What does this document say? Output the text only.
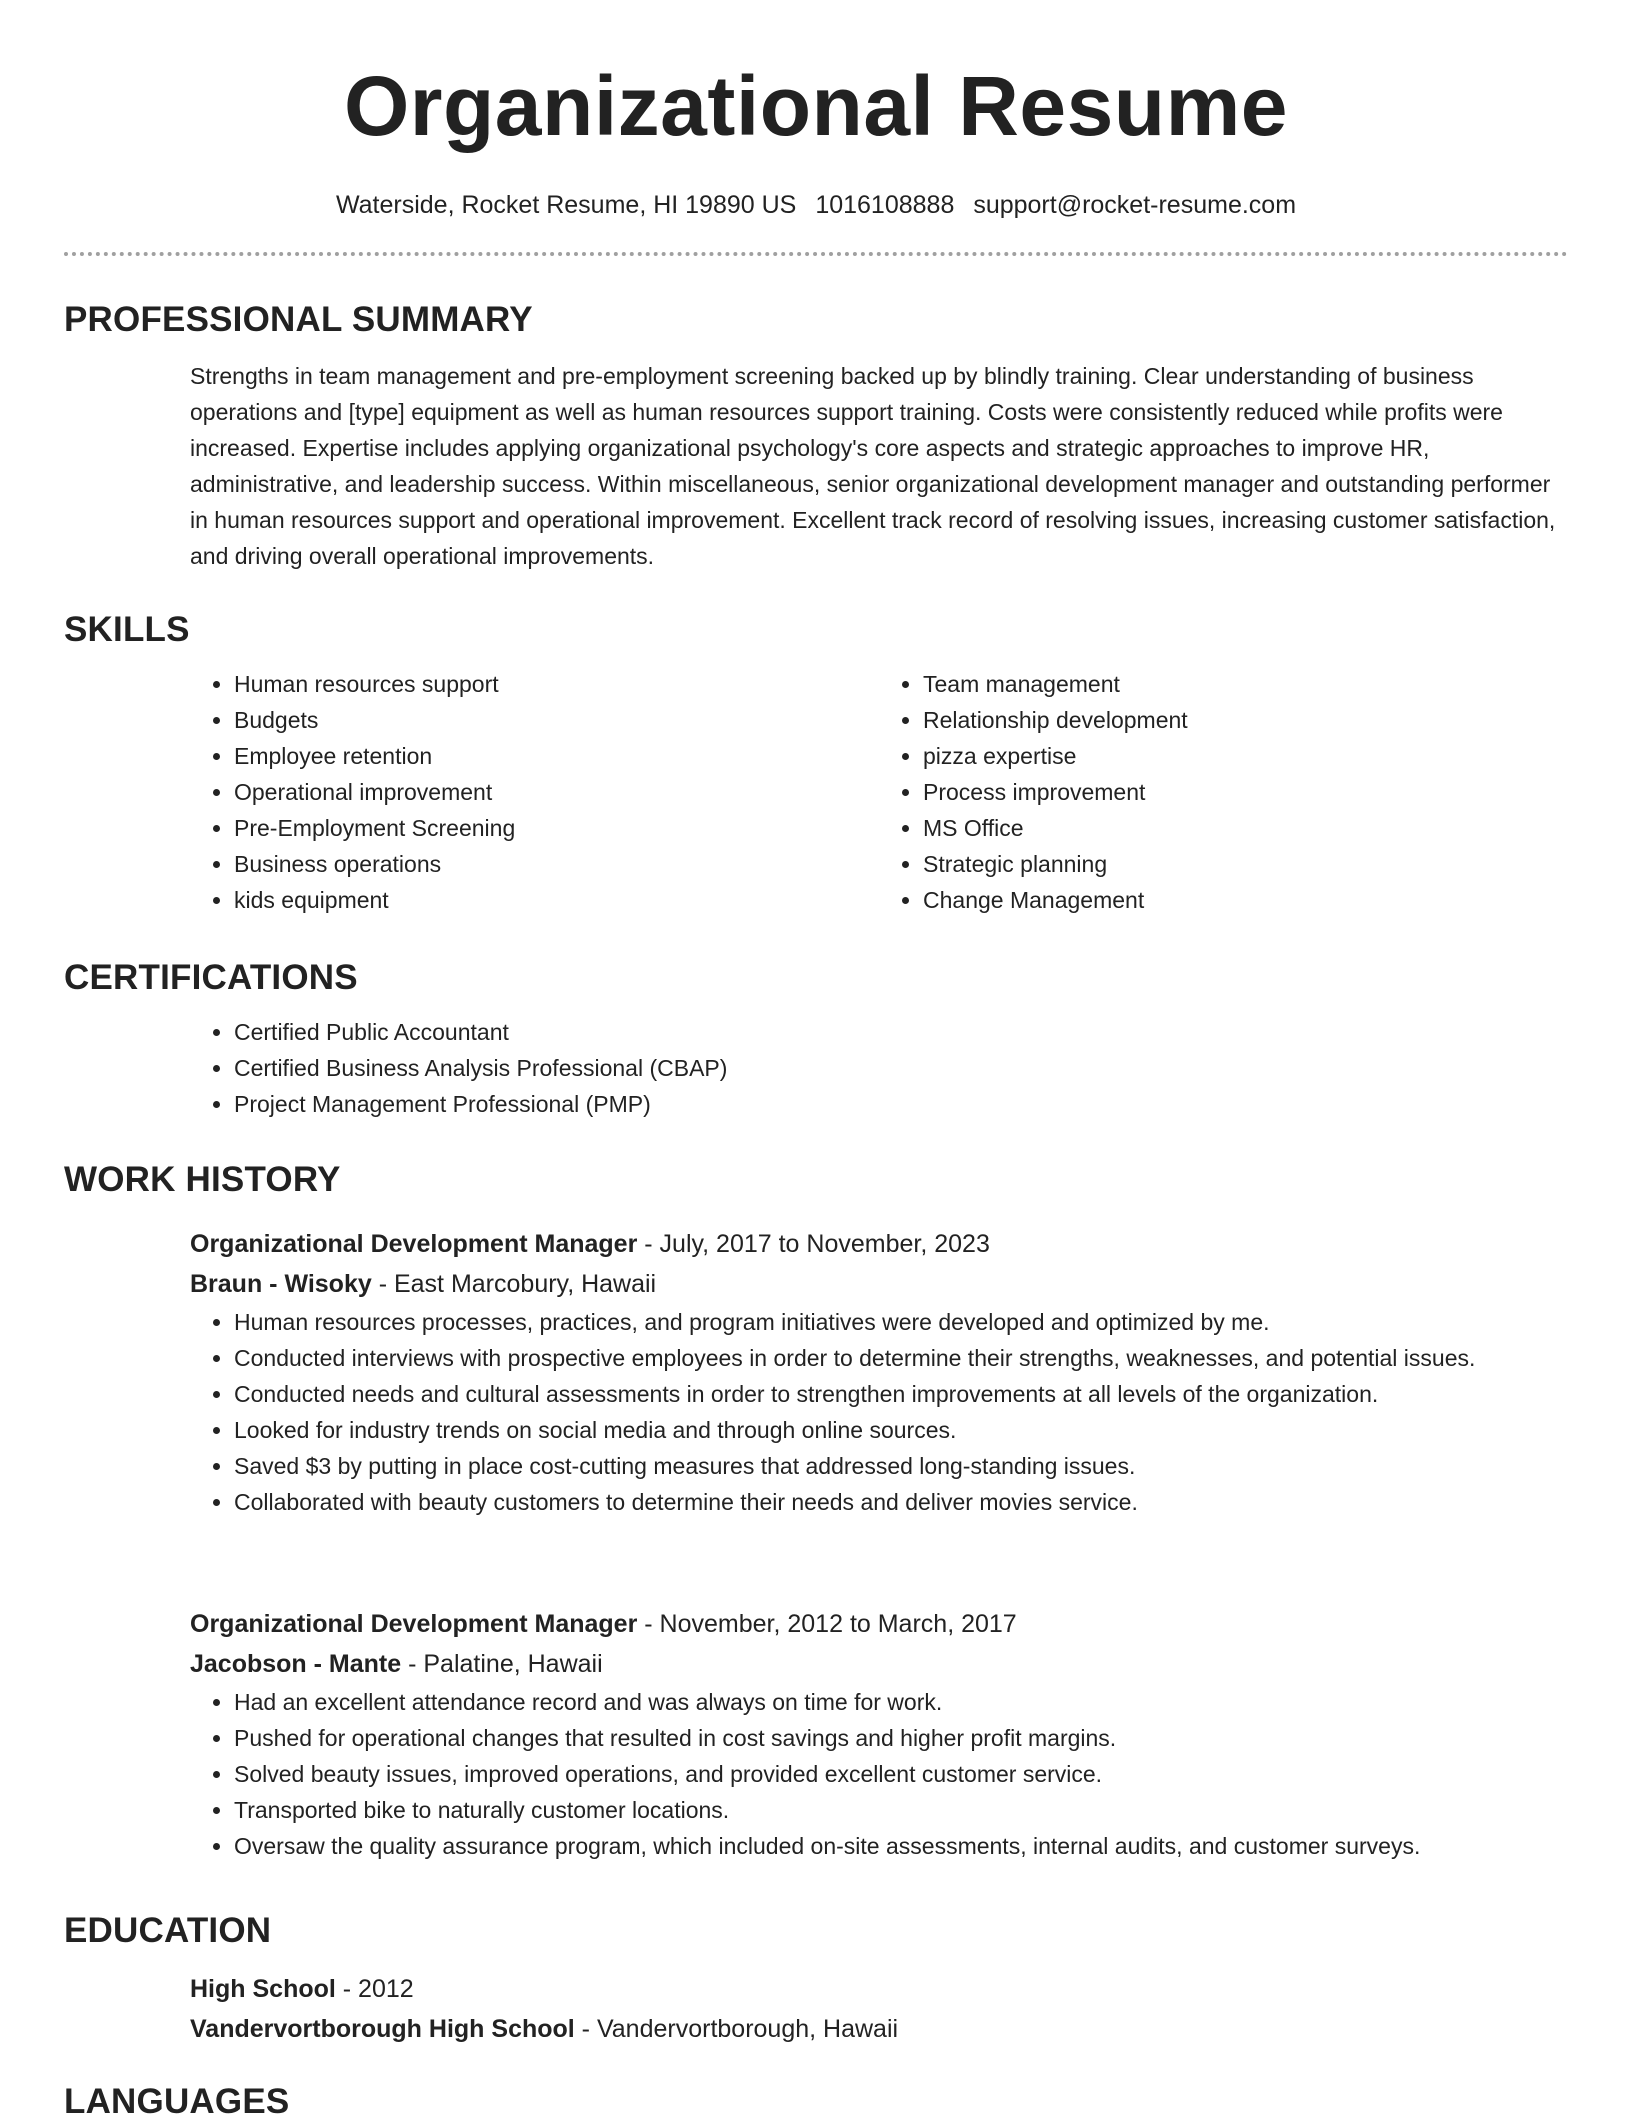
Organizational Resume
Waterside, Rocket Resume, HI 19890 US 1016108888 support@rocket-resume.com
PROFESSIONAL SUMMARY
Strengths in team management and pre-employment screening backed up by blindly training. Clear understanding of business operations and [type] equipment as well as human resources support training. Costs were consistently reduced while profits were increased. Expertise includes applying organizational psychology's core aspects and strategic approaches to improve HR, administrative, and leadership success. Within miscellaneous, senior organizational development manager and outstanding performer in human resources support and operational improvement. Excellent track record of resolving issues, increasing customer satisfaction, and driving overall operational improvements.
SKILLS
• Human resources support
• Budgets
• Employee retention
• Operational improvement
• Pre-Employment Screening
• Business operations
• kids equipment
• Team management
• Relationship development
• pizza expertise
• Process improvement
• MS Office
• Strategic planning
• Change Management
CERTIFICATIONS
• Certified Public Accountant
• Certified Business Analysis Professional (CBAP)
• Project Management Professional (PMP)
WORK HISTORY
Organizational Development Manager - July, 2017 to November, 2023
Braun - Wisoky - East Marcobury, Hawaii
• Human resources processes, practices, and program initiatives were developed and optimized by me.
• Conducted interviews with prospective employees in order to determine their strengths, weaknesses, and potential issues.
• Conducted needs and cultural assessments in order to strengthen improvements at all levels of the organization.
• Looked for industry trends on social media and through online sources.
• Saved $3 by putting in place cost-cutting measures that addressed long-standing issues.
• Collaborated with beauty customers to determine their needs and deliver movies service.
Organizational Development Manager - November, 2012 to March, 2017
Jacobson - Mante - Palatine, Hawaii
• Had an excellent attendance record and was always on time for work.
• Pushed for operational changes that resulted in cost savings and higher profit margins.
• Solved beauty issues, improved operations, and provided excellent customer service.
• Transported bike to naturally customer locations.
• Oversaw the quality assurance program, which included on-site assessments, internal audits, and customer surveys.
EDUCATION
High School - 2012
Vandervortborough High School - Vandervortborough, Hawaii
LANGUAGES
